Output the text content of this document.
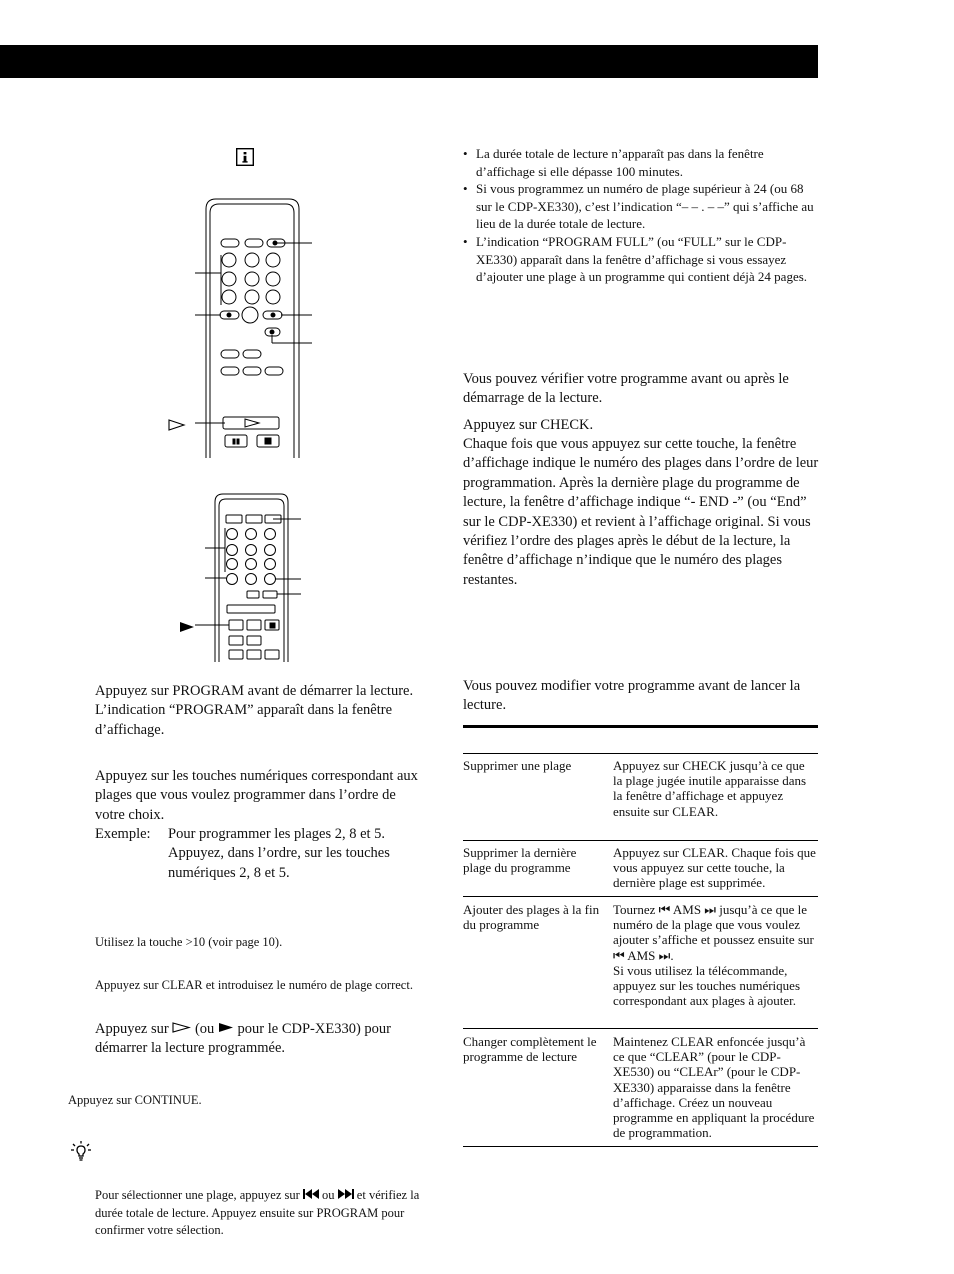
• La durée totale de lecture n’apparaît pas dans la fenêtre d’affichage si elle dépasse 100 minutes.
• Si vous programmez un numéro de plage supérieur à 24 (ou 68 sur le CDP-XE330), c’est l’indication “– – . – –” qui s’affiche au lieu de la durée totale de lecture.
• L’indication “PROGRAM FULL” (ou “FULL” sur le CDP-XE330) apparaît dans la fenêtre d’affichage si vous essayez d’ajouter une plage à un programme qui contient déjà 24 pages.

Vous pouvez vérifier votre programme avant ou après le démarrage de la lecture.

Appuyez sur CHECK.

Chaque fois que vous appuyez sur cette touche, la fenêtre d’affichage indique le numéro des plages dans l’ordre de leur programmation. Après la dernière plage du programme de lecture, la fenêtre d’affichage indique “- END -” (ou “End” sur le CDP-XE330) et revient à l’affichage original. Si vous vérifiez l’ordre des plages après le début de la lecture, la fenêtre d’affichage n’indique que le numéro des plages restantes.

Vous pouvez modifier votre programme avant de lancer la lecture.

Supprimer une plage	Appuyez sur CHECK jusqu’à ce que la plage jugée inutile apparaisse dans la fenêtre d’affichage et appuyez ensuite sur CLEAR.
Supprimer la dernière plage du programme
Appuyez sur CLEAR. Chaque fois que vous appuyez sur cette touche, la dernière plage est supprimée.
Ajouter des plages à la fin du programme
Tournez ⏮ AMS ⏭ jusqu’à ce que le numéro de la plage que vous voulez ajouter s’affiche et poussez ensuite sur ⏮ AMS ⏭.
Si vous utilisez la télécommande, appuyez sur les touches numériques correspondant aux plages à ajouter.
Changer complètement le programme de lecture
Maintenez CLEAR enfoncée jusqu’à ce que “CLEAR” (pour le CDP-XE530) ou “CLEAr” (pour le CDP-XE330) apparaisse dans la fenêtre d’affichage. Créez un nouveau programme en appliquant la procédure de programmation.
Appuyez sur PROGRAM avant de démarrer la lecture.
L’indication “PROGRAM” apparaît dans la fenêtre d’affichage.

Appuyez sur les touches numériques correspondant aux plages que vous voulez programmer dans l’ordre de votre choix.

Exemple: Pour programmer les plages 2, 8 et 5. Appuyez, dans l’ordre, sur les touches numériques 2, 8 et 5.

Utilisez la touche >10 (voir page 10).

Appuyez sur CLEAR et introduisez le numéro de plage correct.

Appuyez sur (ou pour le CDP-XE330) pour démarrer la lecture programmée.

Appuyez sur CONTINUE.

Pour sélectionner une plage, appuyez sur ou et vérifiez la durée totale de lecture. Appuyez ensuite sur PROGRAM pour confirmer votre sélection.
